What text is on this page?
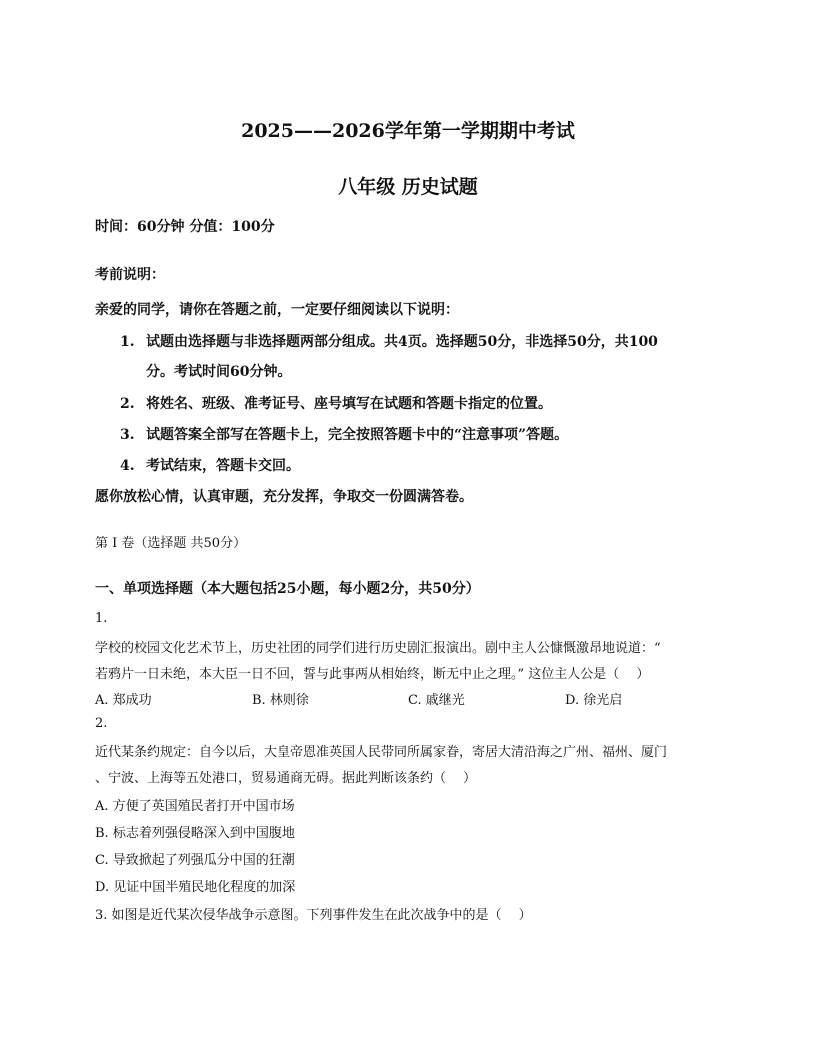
2025——2026学年第一学期期中考试
八年级 历史试题
时间：60分钟 分值：100分
考前说明：
亲爱的同学，请你在答题之前，一定要仔细阅读以下说明：
1. 试题由选择题与非选择题两部分组成。共4页。选择题50分，非选择50分，共100
分。考试时间60分钟。
2. 将姓名、班级、准考证号、座号填写在试题和答题卡指定的位置。
3. 试题答案全部写在答题卡上，完全按照答题卡中的“注意事项”答题。
4. 考试结束，答题卡交回。
愿你放松心情，认真审题，充分发挥，争取交一份圆满答卷。
第 I 卷（选择题 共50分）
一、单项选择题（本大题包括25小题，每小题2分，共50分）
1.
学校的校园文化艺术节上，历史社团的同学们进行历史剧汇报演出。剧中主人公慷慨激昂地说道：“
若鸦片一日未绝，本大臣一日不回，誓与此事两从相始终，断无中止之理。” 这位主人公是（　 ）
A. 郑成功	B. 林则徐	C. 戚继光	D. 徐光启
2.
近代某条约规定：自今以后，大皇帝恩准英国人民带同所属家眷，寄居大清沿海之广州、福州、厦门
、宁波、上海等五处港口，贸易通商无碍。据此判断该条约（　 ）
A. 方便了英国殖民者打开中国市场
B. 标志着列强侵略深入到中国腹地
C. 导致掀起了列强瓜分中国的狂潮
D. 见证中国半殖民地化程度的加深
3. 如图是近代某次侵华战争示意图。下列事件发生在此次战争中的是（　 ）
